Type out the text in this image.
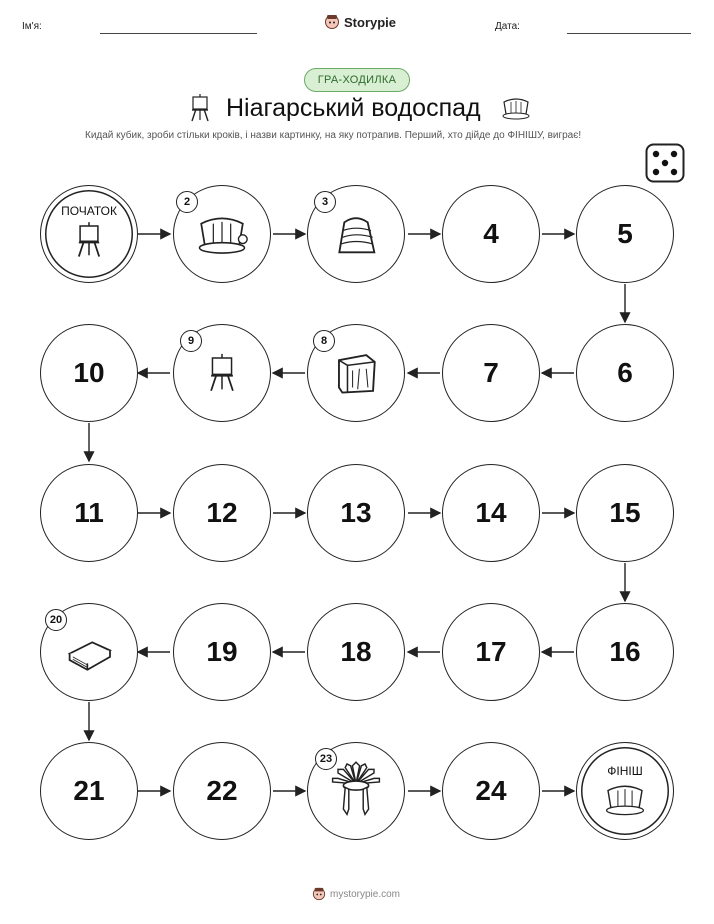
Ім'я:	Storypie	Дата:
ГРА-ХОДИЛКА
Ніагарський водоспад
Кидай кубик, зроби стільки кроків, і назви картинку, на яку потрапив. Перший, хто дійде до ФІНІШУ, виграє!
ПОЧАТОК
2	3
4	5
10
9	8
7	6
11	12	13	14	15
20
19	18	17	16
21	22
23
24
ФІНІШ
mystorypie.com
